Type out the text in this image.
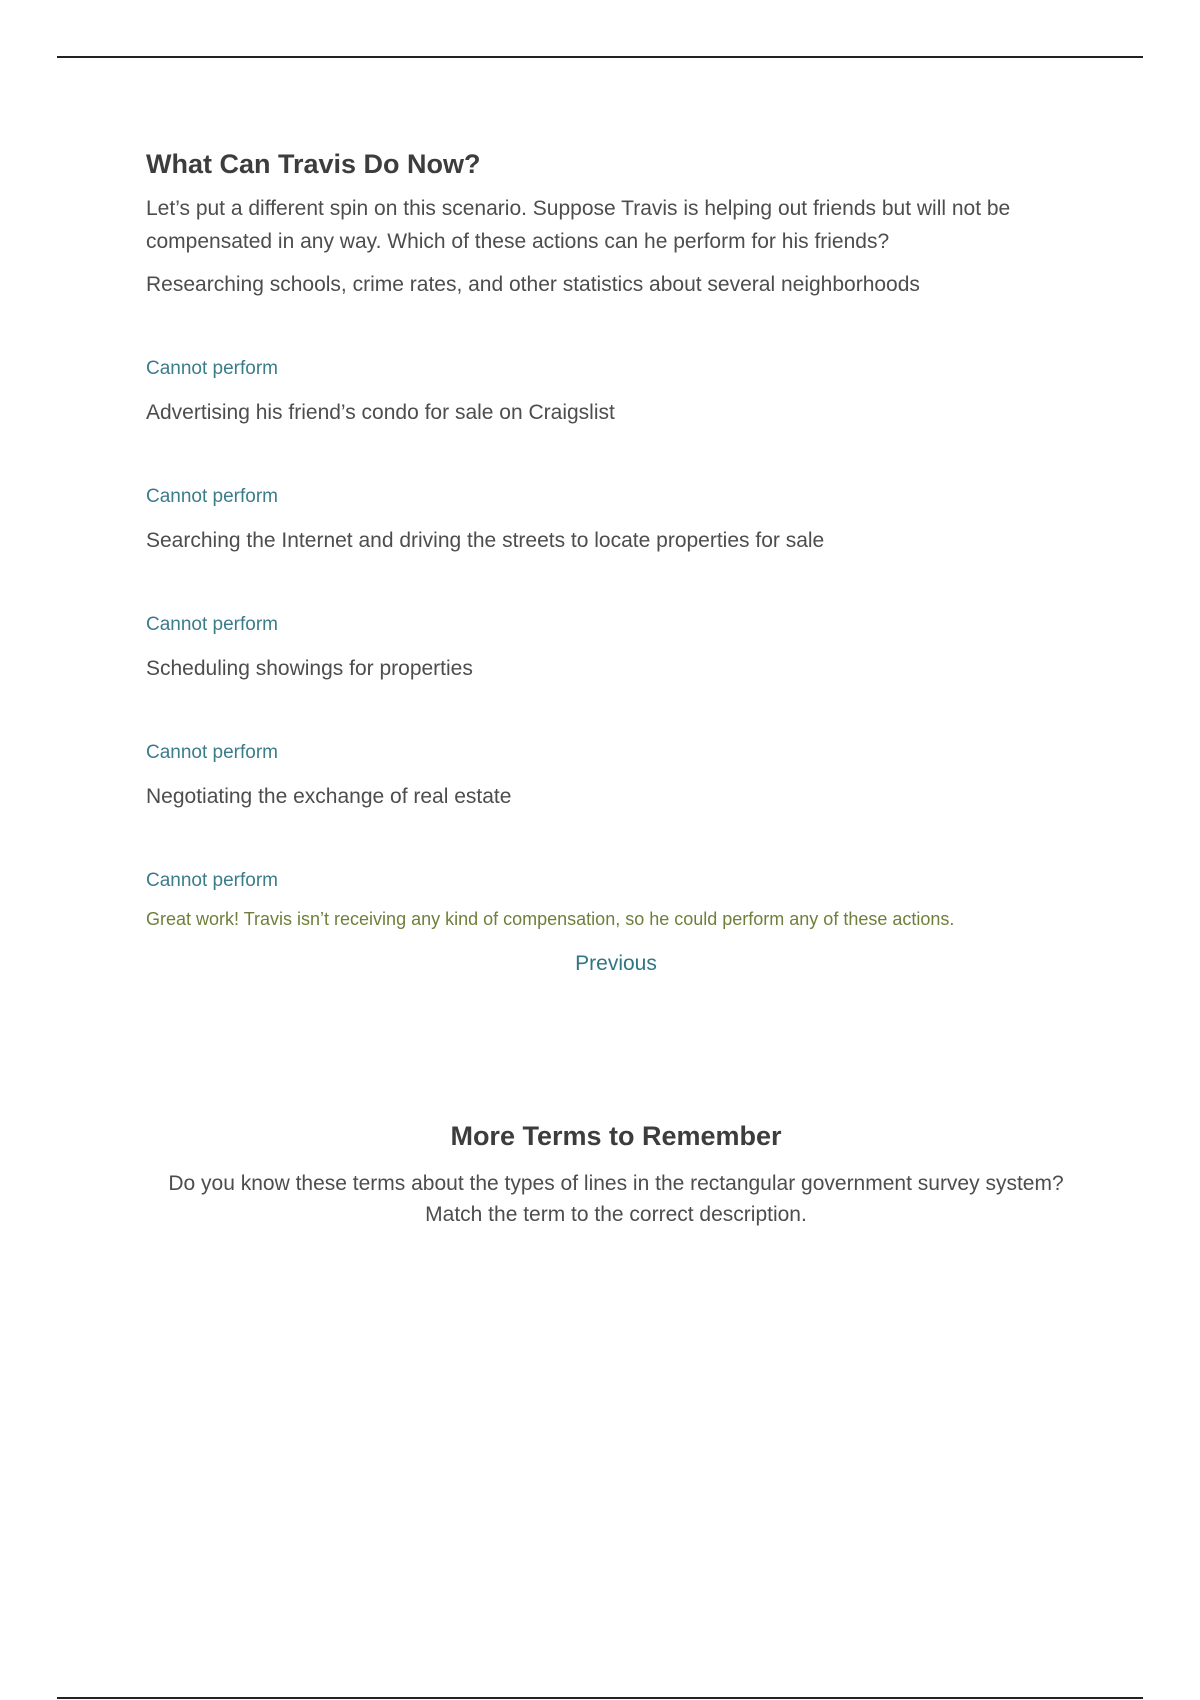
What Can Travis Do Now?

Let’s put a different spin on this scenario. Suppose Travis is helping out friends but will not be compensated in any way. Which of these actions can he perform for his friends?

Researching schools, crime rates, and other statistics about several neighborhoods
Cannot perform
Advertising his friend’s condo for sale on Craigslist
Cannot perform
Searching the Internet and driving the streets to locate properties for sale
Cannot perform
Scheduling showings for properties
Cannot perform
Negotiating the exchange of real estate
Cannot perform
Great work! Travis isn’t receiving any kind of compensation, so he could perform any of these actions.
Previous
More Terms to Remember

Do you know these terms about the types of lines in the rectangular government survey system? Match the term to the correct description.
